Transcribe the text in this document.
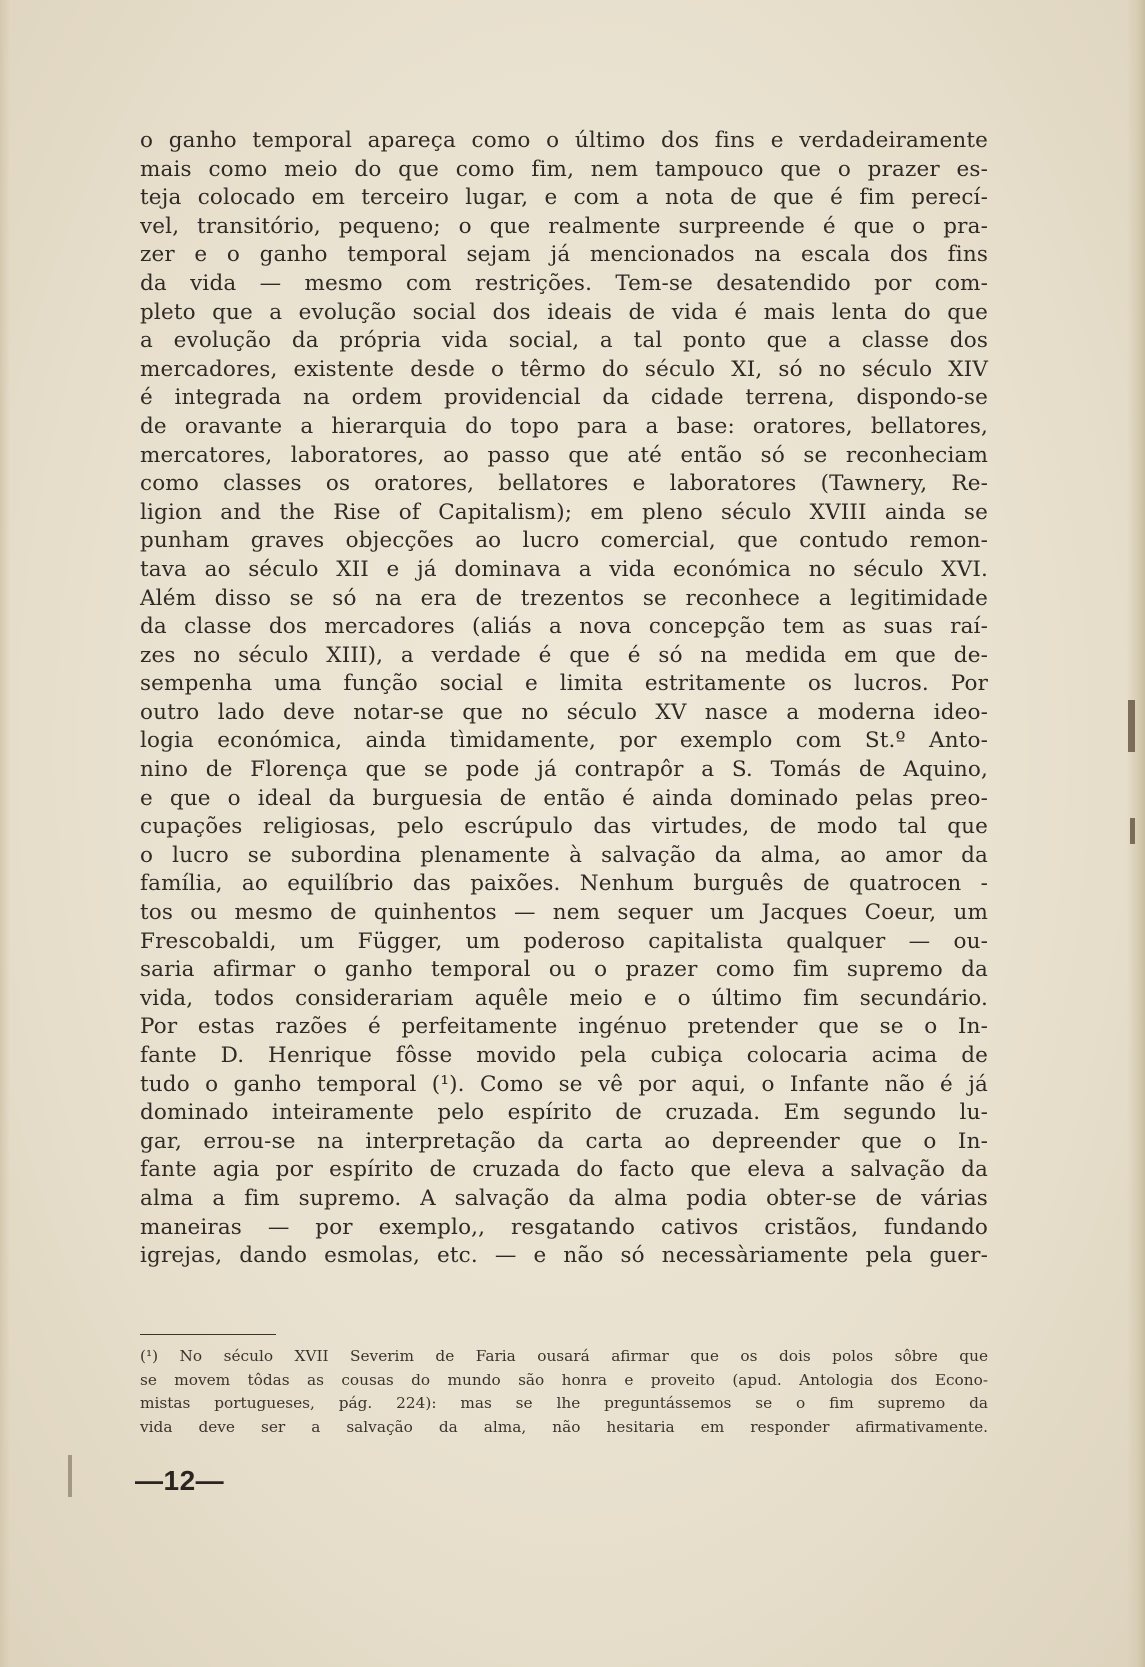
o ganho temporal apareça como o último dos fins e verdadeiramente
mais como meio do que como fim, nem tampouco que o prazer es-
teja colocado em terceiro lugar, e com a nota de que é fim perecí-
vel, transitório, pequeno; o que realmente surpreende é que o pra-
zer e o ganho temporal sejam já mencionados na escala dos fins
da vida — mesmo com restrições. Tem-se desatendido por com-
pleto que a evolução social dos ideais de vida é mais lenta do que
a evolução da própria vida social, a tal ponto que a classe dos
mercadores, existente desde o têrmo do século XI, só no século XIV
é integrada na ordem providencial da cidade terrena, dispondo-se
de oravante a hierarquia do topo para a base: oratores, bellatores,
mercatores, laboratores, ao passo que até então só se reconheciam
como classes os oratores, bellatores e laboratores (Tawnery, Re-
ligion and the Rise of Capitalism); em pleno século XVIII ainda se
punham graves objecções ao lucro comercial, que contudo remon-
tava ao século XII e já dominava a vida económica no século XVI.
Além disso se só na era de trezentos se reconhece a legitimidade
da classe dos mercadores (aliás a nova concepção tem as suas raí-
zes no século XIII), a verdade é que é só na medida em que de-
sempenha uma função social e limita estritamente os lucros. Por
outro lado deve notar-se que no século XV nasce a moderna ideo-
logia económica, ainda tìmidamente, por exemplo com St.º Anto-
nino de Florença que se pode já contrapôr a S. Tomás de Aquino,
e que o ideal da burguesia de então é ainda dominado pelas preo-
cupações religiosas, pelo escrúpulo das virtudes, de modo tal que
o lucro se subordina plenamente à salvação da alma, ao amor da
família, ao equilíbrio das paixões. Nenhum burguês de quatrocen -
tos ou mesmo de quinhentos — nem sequer um Jacques Coeur, um
Frescobaldi, um Függer, um poderoso capitalista qualquer — ou-
saria afirmar o ganho temporal ou o prazer como fim supremo da
vida, todos considerariam aquêle meio e o último fim secundário.
Por estas razões é perfeitamente ingénuo pretender que se o In-
fante D. Henrique fôsse movido pela cubiça colocaria acima de
tudo o ganho temporal (¹). Como se vê por aqui, o Infante não é já
dominado inteiramente pelo espírito de cruzada. Em segundo lu-
gar, errou-se na interpretação da carta ao depreender que o In-
fante agia por espírito de cruzada do facto que eleva a salvação da
alma a fim supremo. A salvação da alma podia obter-se de várias
maneiras — por exemplo,, resgatando cativos cristãos, fundando
igrejas, dando esmolas, etc. — e não só necessàriamente pela guer-
(¹) No século XVII Severim de Faria ousará afirmar que os dois polos sôbre que
se movem tôdas as cousas do mundo são honra e proveito (apud. Antologia dos Econo-
mistas portugueses, pág. 224): mas se lhe preguntássemos se o fim supremo da
vida deve ser a salvação da alma, não hesitaria em responder afirmativamente.
—12—
